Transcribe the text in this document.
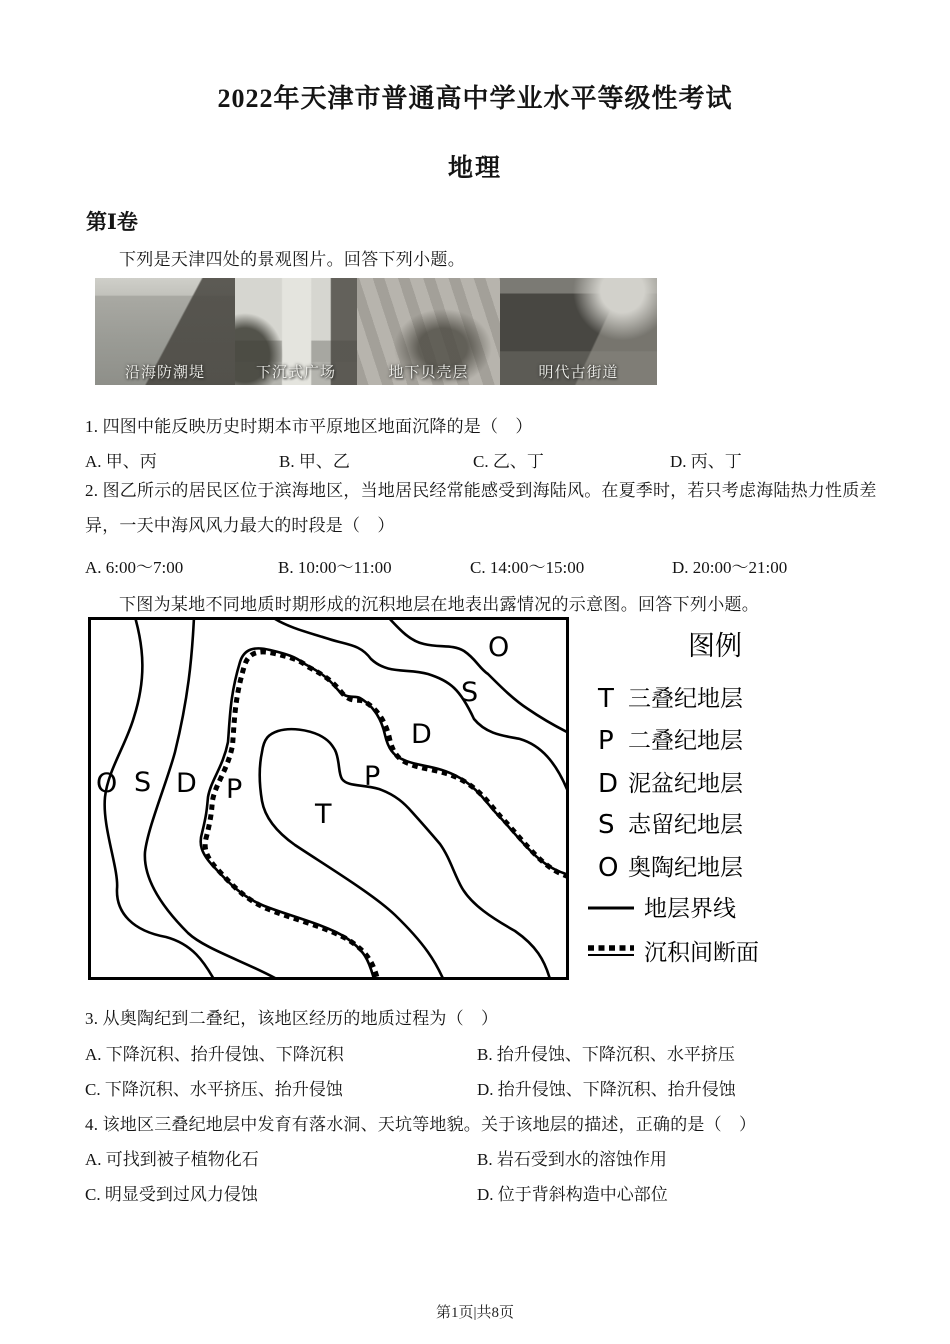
2022年天津市普通高中学业水平等级性考试
地理
第Ⅰ卷
下列是天津四处的景观图片。回答下列小题。
沿海防潮堤	下沉式广场	地下贝壳层	明代古街道
1. 四图中能反映历史时期本市平原地区地面沉降的是（　）
A. 甲、丙	B. 甲、乙	C. 乙、丁	D. 丙、丁
2. 图乙所示的居民区位于滨海地区，当地居民经常能感受到海陆风。在夏季时，若只考虑海陆热力性质差异，一天中海风风力最大的时段是（　）
A. 6:00～7:00	B. 10:00～11:00	C. 14:00～15:00	D. 20:00～21:00
下图为某地不同地质时期形成的沉积地层在地表出露情况的示意图。回答下列小题。
O S D P
T
P
D
S
O	图例
T 三叠纪地层
P 二叠纪地层
D 泥盆纪地层
S 志留纪地层
O 奥陶纪地层
地层界线
沉积间断面
3. 从奥陶纪到二叠纪，该地区经历的地质过程为（　）
A. 下降沉积、抬升侵蚀、下降沉积	B. 抬升侵蚀、下降沉积、水平挤压
C. 下降沉积、水平挤压、抬升侵蚀	D. 抬升侵蚀、下降沉积、抬升侵蚀
4. 该地区三叠纪地层中发育有落水洞、天坑等地貌。关于该地层的描述，正确的是（　）
A. 可找到被子植物化石	B. 岩石受到水的溶蚀作用
C. 明显受到过风力侵蚀	D. 位于背斜构造中心部位
第1页|共8页
